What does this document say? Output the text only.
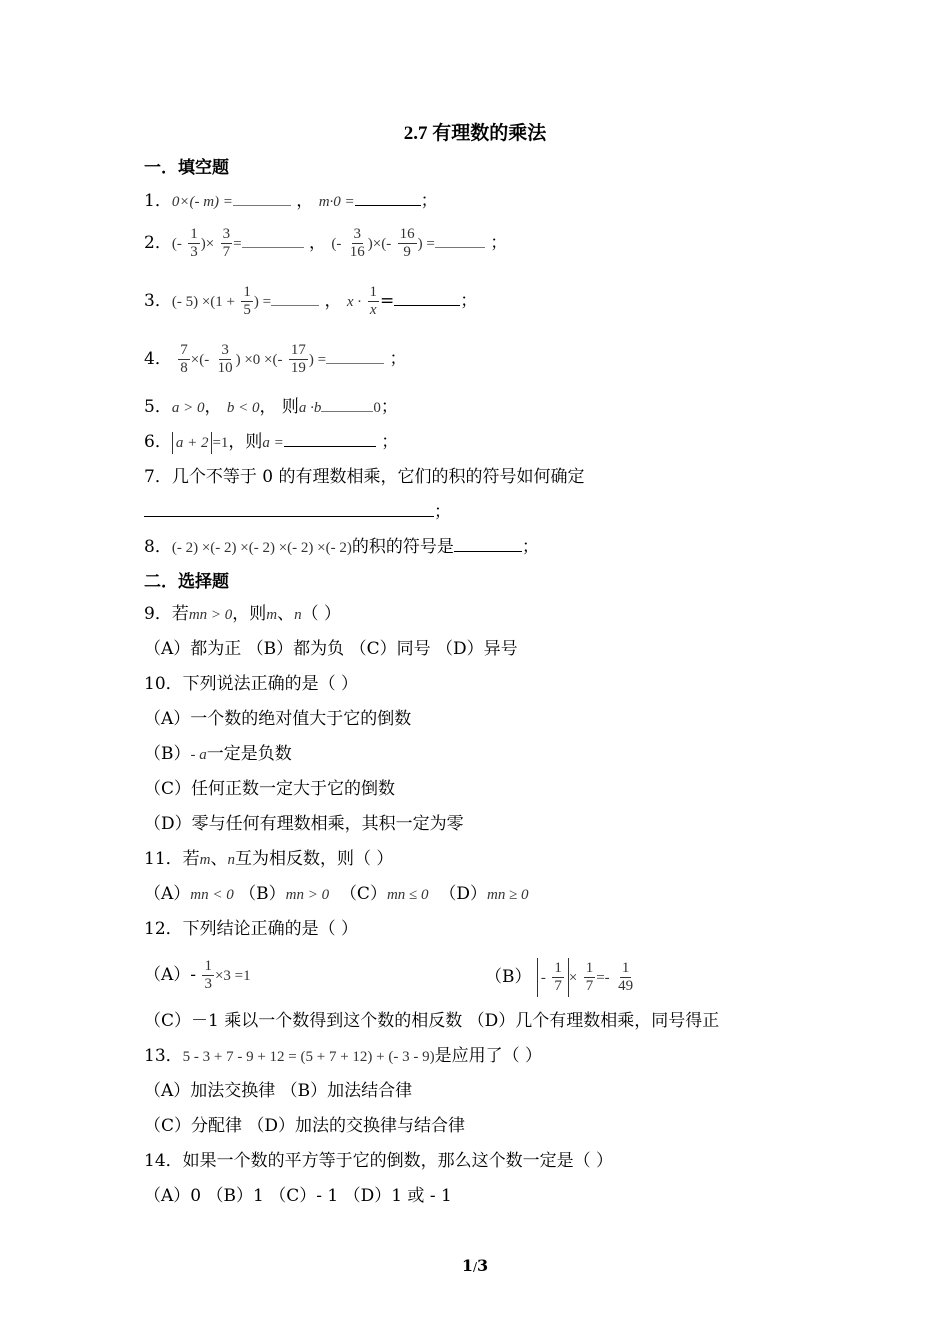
2.7 有理数的乘法
一．填空题
1．0×(- m) =	， m·0 =	；
2．(- $\frac{1}{3}$ )× $\frac{3}{7}$ =	， (- $\frac{3}{16}$ )×(- $\frac{16}{9}$ ) =	；
3．(- $5) \times(1 + \frac{1}{5}$ ) =	， $x \cdot \frac{1}{x}$ =	；
4． $\frac{7}{8}$ ×(- $\frac{3}{10}$ ) ×0 ×(- $\frac{17}{19}$ ) =	；
5．a > 0， b < 0， 则a ·b	0；
6． a + 2 =1，则a =	；
7．几个不等于 0 的有理数相乘，它们的积的符号如何确定
；
8．(- 2) ×(- 2) ×(- 2) ×(- 2) ×(- 2)的积的符号是	；
二．选择题
9．若mn > 0，则m、n（ ）
（A）都为正 （B）都为负 （C）同号 （D）异号
10．下列说法正确的是（ ）
（A）一个数的绝对值大于它的倒数
（B）- a一定是负数
（C）任何正数一定大于它的倒数
（D）零与任何有理数相乘，其积一定为零
11．若m、n互为相反数，则（ ）
（A）mn < 0 （B）mn > 0 （C）mn ≤ 0 （D）mn ≥ 0
12．下列结论正确的是（ ）
$(A)- \frac{1}{3} \times 3 =1$	$(B) - \frac{1}{7} \times \frac{1}{7} =- \frac{1}{49}$
（C）－1 乘以一个数得到这个数的相反数 （D）几个有理数相乘，同号得正
13．5 - 3 + 7 - 9 + 12 = (5 + 7 + 12) + (- 3 - 9)是应用了（ ）
（A）加法交换律 （B）加法结合律
（C）分配律 （D）加法的交换律与结合律
14．如果一个数的平方等于它的倒数，那么这个数一定是（ ）
（A）0 （B）1 （C）- 1 （D）1 或 - 1
1/3
